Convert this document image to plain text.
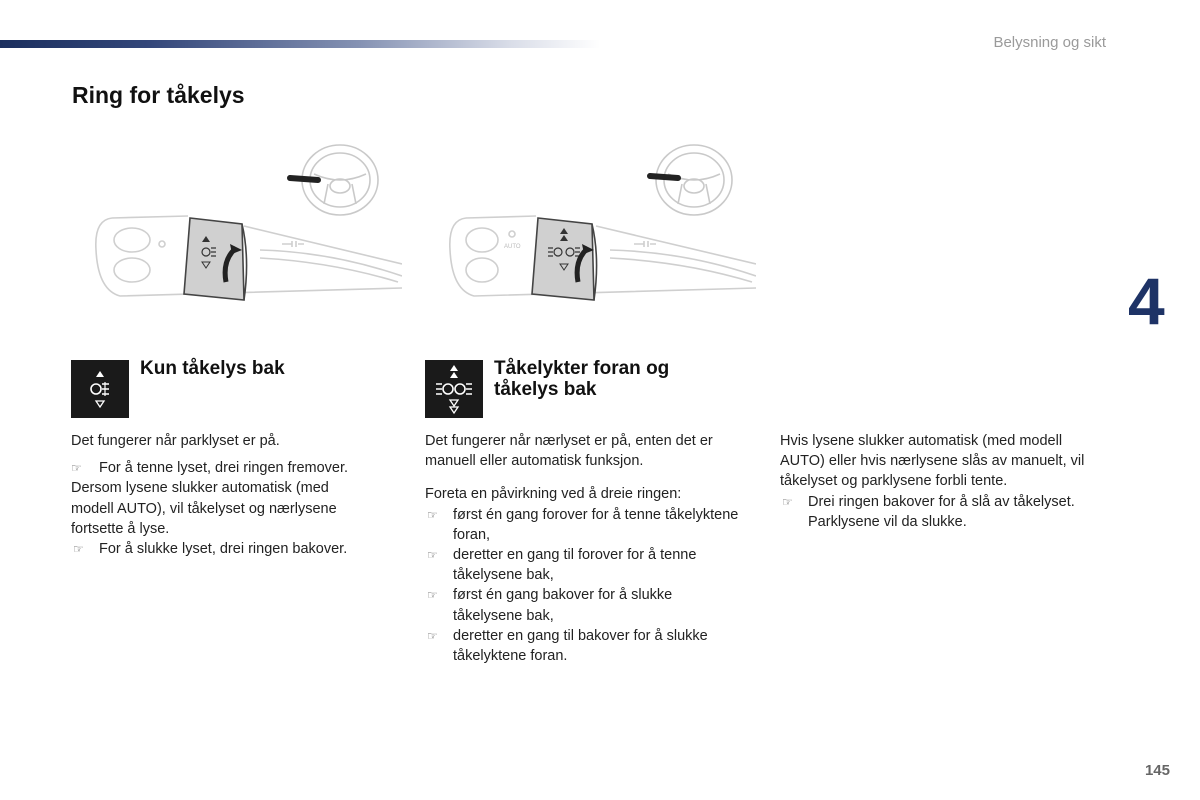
Belysning og sikt
Ring for tåkelys
4
145
AUTO
Kun tåkelys bak

Det fungerer når parklyset er på.

☞ For å tenne lyset, drei ringen fremover.
Dersom lysene slukker automatisk (med modell AUTO), vil tåkelyset og nærlysene fortsette å lyse.
☞ For å slukke lyset, drei ringen bakover.
Tåkelykter foran og tåkelys bak

Det fungerer når nærlyset er på, enten det er manuell eller automatisk funksjon.

Foreta en påvirkning ved å dreie ringen:

☞ først én gang forover for å tenne tåkelyktene foran,
☞ deretter en gang til forover for å tenne tåkelysene bak,
☞ først én gang bakover for å slukke tåkelysene bak,
☞ deretter en gang til bakover for å slukke tåkelyktene foran.

Hvis lysene slukker automatisk (med modell AUTO) eller hvis nærlysene slås av manuelt, vil tåkelyset og parklysene forbli tente.

☞ Drei ringen bakover for å slå av tåkelyset. Parklysene vil da slukke.
